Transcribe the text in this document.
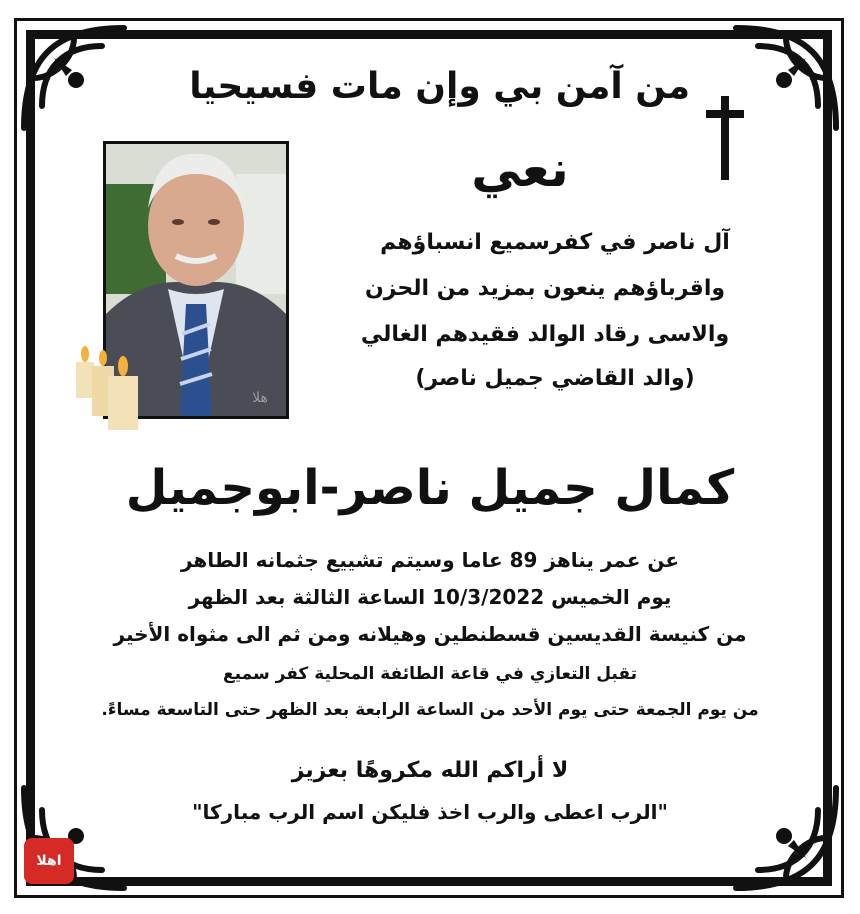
من آمن بي وإن مات فسيحيا
نعي
هلا
آل ناصر في كفرسميع انسباؤهم
واقرباؤهم ينعون بمزيد من الحزن
والاسى رقاد الوالد فقيدهم الغالي
(والد القاضي جميل ناصر)
كمال جميل ناصر-ابوجميل
عن عمر يناهز 89 عاما وسيتم تشييع جثمانه الطاهر
يوم الخميس 10/3/2022 الساعة الثالثة بعد الظهر
من كنيسة القديسين قسطنطين وهيلانه ومن ثم الى مثواه الأخير
تقبل التعازي في قاعة الطائفة المحلية كفر سميع
من يوم الجمعة حتى يوم الأحد من الساعة الرابعة بعد الظهر حتى التاسعة مساءً.
لا أراكم الله مكروهًا بعزيز
"الرب اعطى والرب اخذ فليكن اسم الرب مباركا"
اهلا
